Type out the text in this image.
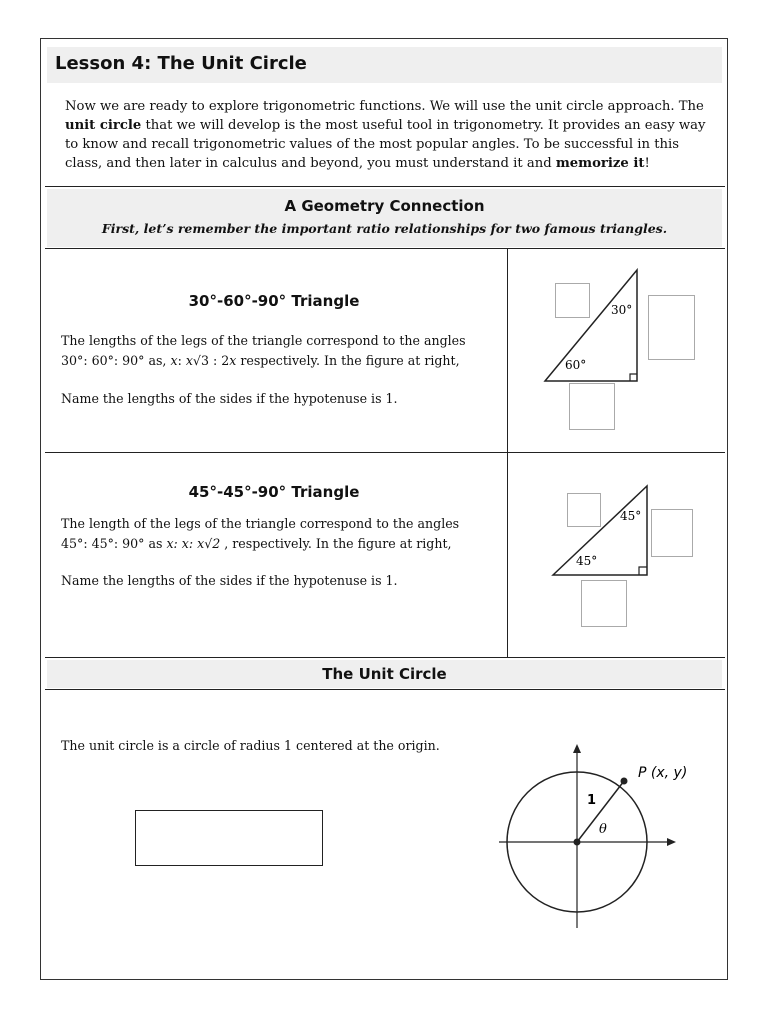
Lesson 4: The Unit Circle
Now we are ready to explore trigonometric functions. We will use the unit circle approach. The unit circle that we will develop is the most useful tool in trigonometry. It provides an easy way to know and recall trigonometric values of the most popular angles. To be successful in this class, and then later in calculus and beyond, you must understand it and memorize it!
A Geometry Connection
First, let’s remember the important ratio relationships for two famous triangles.
30°-60°-90° Triangle
The lengths of the legs of the triangle correspond to the angles
30°: 60°: 90° as, x: x√3 : 2x respectively. In the figure at right,
Name the lengths of the sides if the hypotenuse is 1.
30°
60°
45°-45°-90° Triangle
The length of the legs of the triangle correspond to the angles
45°: 45°: 90° as x: x: x√2 , respectively. In the figure at right,
Name the lengths of the sides if the hypotenuse is 1.
45°
45°
The Unit Circle
The unit circle is a circle of radius 1 centered at the origin.
P (x, y)
1
θ
